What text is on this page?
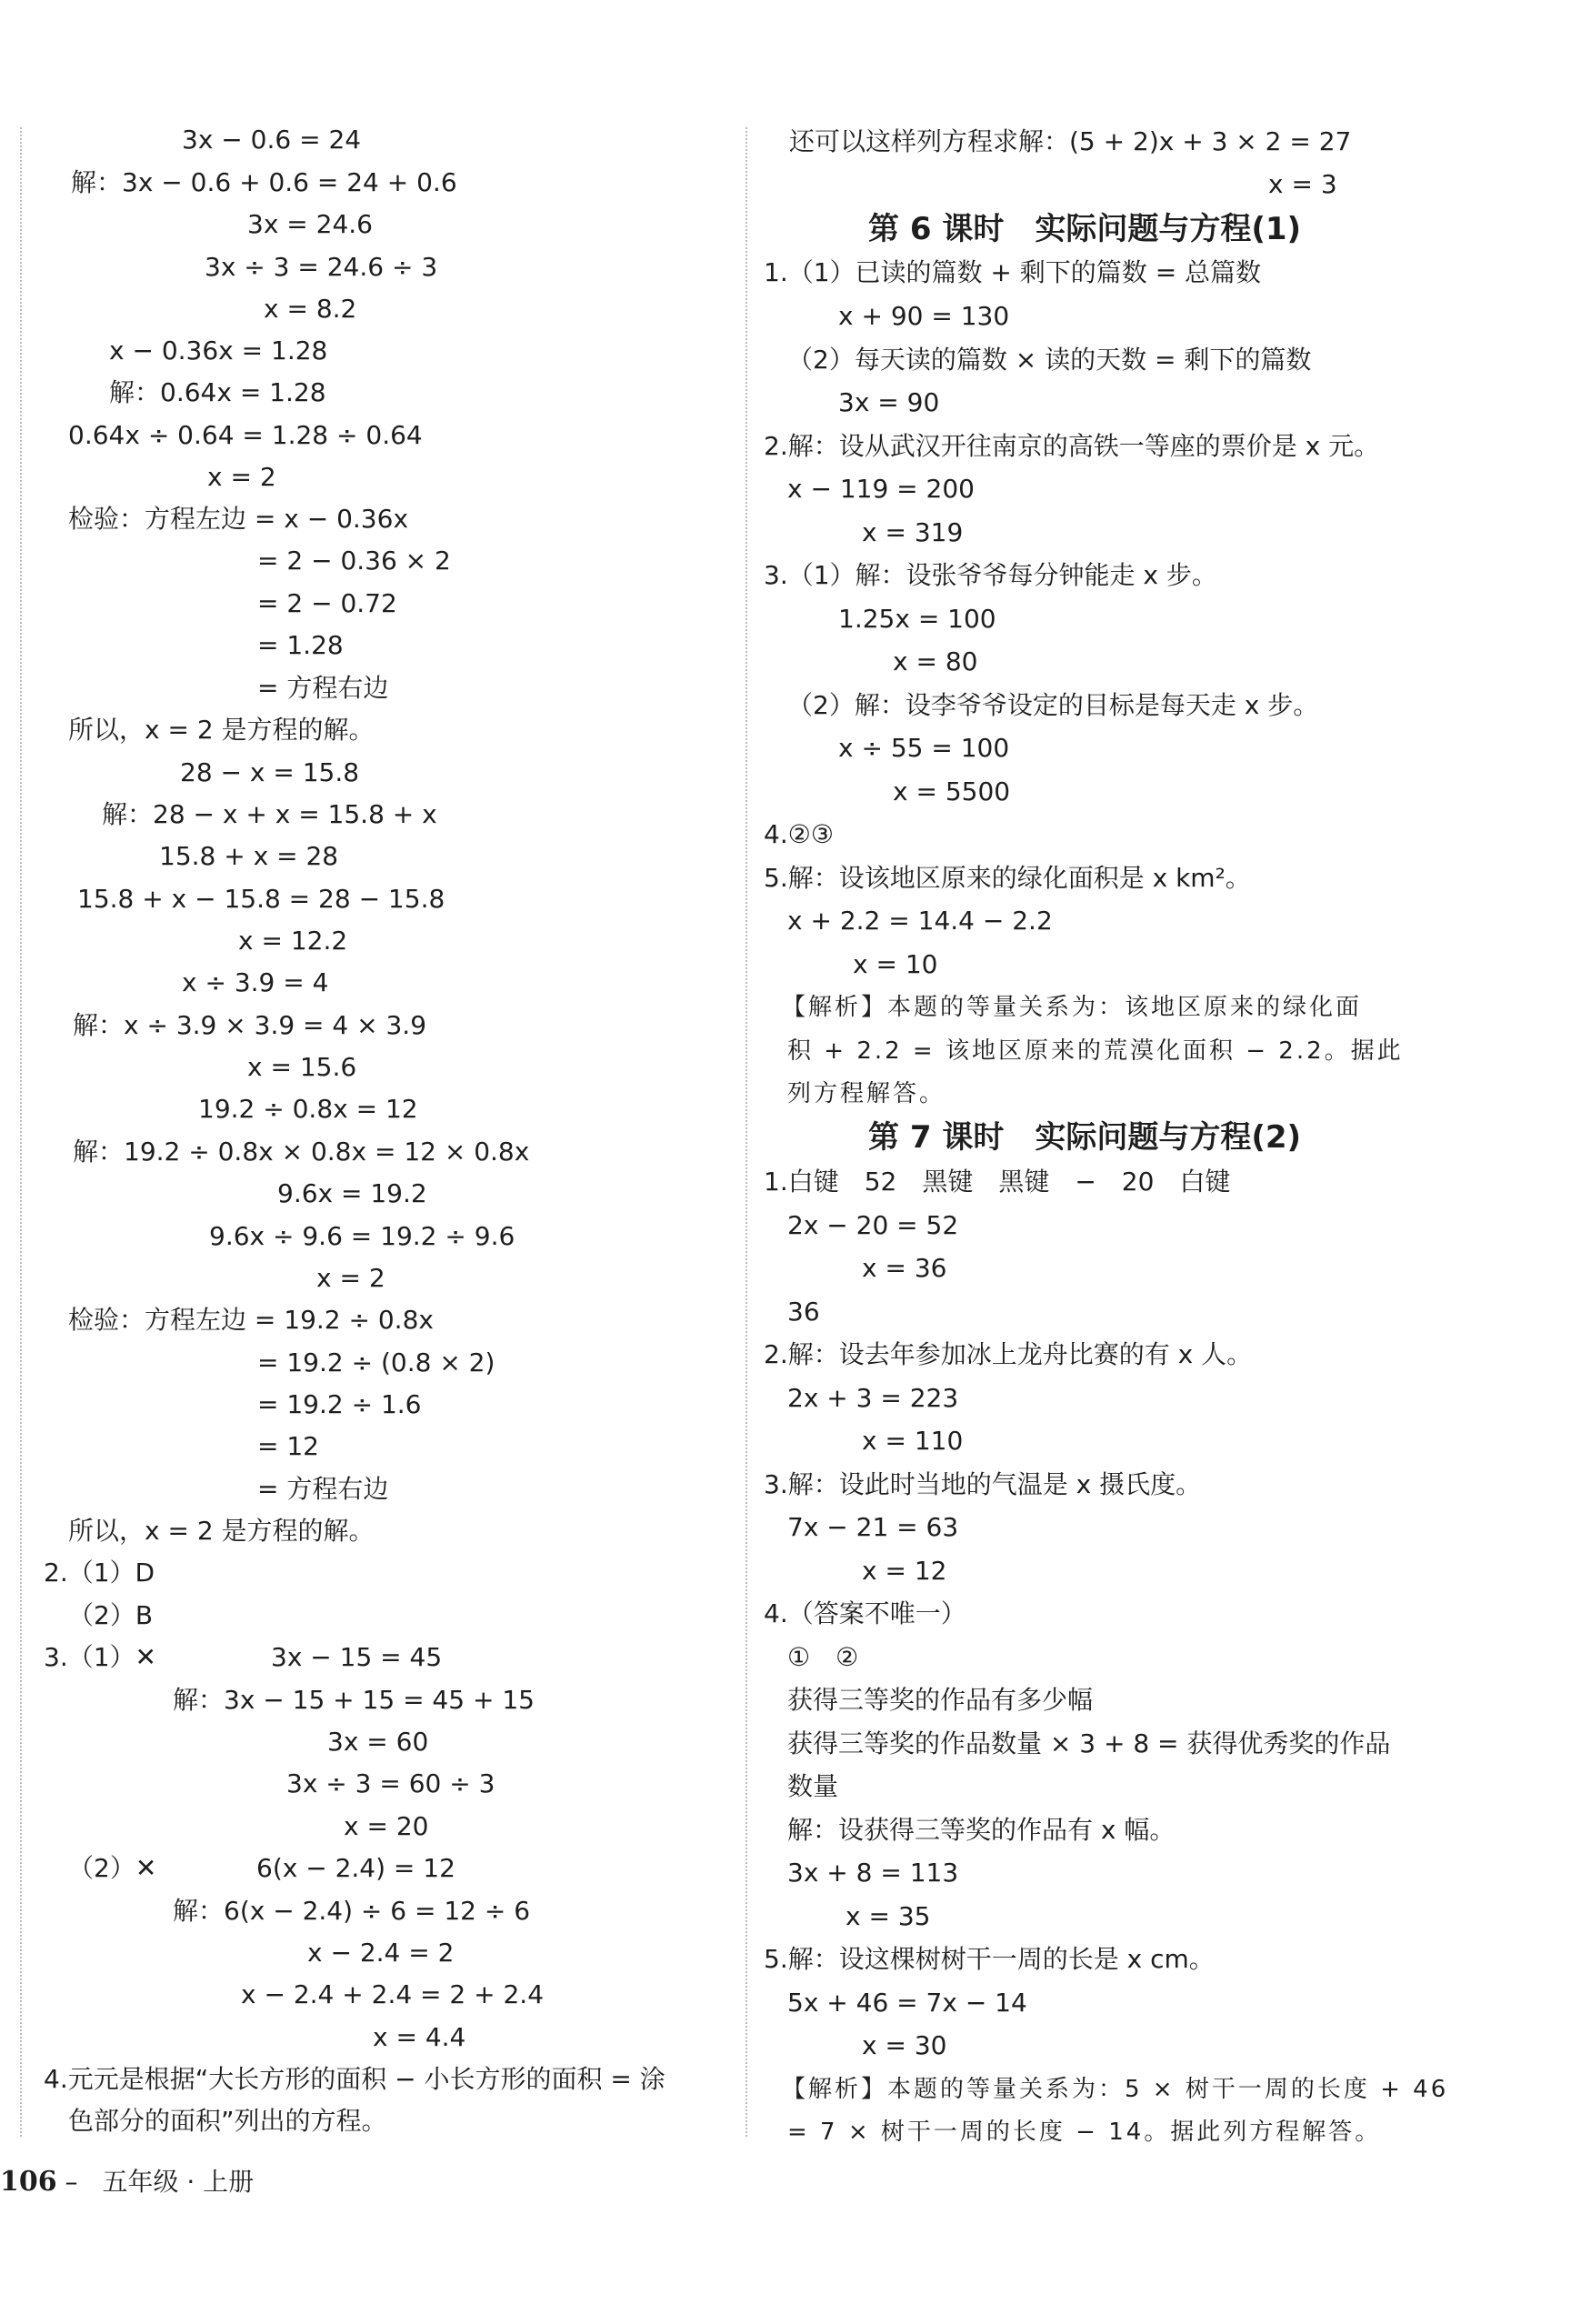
3x − 0.6 = 24
解：3x − 0.6 + 0.6 = 24 + 0.6
3x = 24.6
3x ÷ 3 = 24.6 ÷ 3
x = 8.2
x − 0.36x = 1.28
解：0.64x = 1.28
0.64x ÷ 0.64 = 1.28 ÷ 0.64
x = 2
检验：方程左边 = x − 0.36x
= 2 − 0.36 × 2
= 2 − 0.72
= 1.28
= 方程右边
所以，x = 2 是方程的解。
28 − x = 15.8
解：28 − x + x = 15.8 + x
15.8 + x = 28
15.8 + x − 15.8 = 28 − 15.8
x = 12.2
x ÷ 3.9 = 4
解：x ÷ 3.9 × 3.9 = 4 × 3.9
x = 15.6
19.2 ÷ 0.8x = 12
解：19.2 ÷ 0.8x × 0.8x = 12 × 0.8x
9.6x = 19.2
9.6x ÷ 9.6 = 19.2 ÷ 9.6
x = 2
检验：方程左边 = 19.2 ÷ 0.8x
= 19.2 ÷ (0.8 × 2)
= 19.2 ÷ 1.6
= 12
= 方程右边
所以，x = 2 是方程的解。
2.（1）D
（2）B
3.（1）✕	3x − 15 = 45
解：3x − 15 + 15 = 45 + 15
3x = 60
3x ÷ 3 = 60 ÷ 3
x = 20
（2）✕	6(x − 2.4) = 12
解：6(x − 2.4) ÷ 6 = 12 ÷ 6
x − 2.4 = 2
x − 2.4 + 2.4 = 2 + 2.4
x = 4.4
4.元元是根据“大长方形的面积 − 小长方形的面积 = 涂
色部分的面积”列出的方程。
还可以这样列方程求解：(5 + 2)x + 3 × 2 = 27
x = 3
第 6 课时　实际问题与方程(1)
1.（1）已读的篇数 + 剩下的篇数 = 总篇数
x + 90 = 130
（2）每天读的篇数 × 读的天数 = 剩下的篇数
3x = 90
2.解：设从武汉开往南京的高铁一等座的票价是 x 元。
x − 119 = 200
x = 319
3.（1）解：设张爷爷每分钟能走 x 步。
1.25x = 100
x = 80
（2）解：设李爷爷设定的目标是每天走 x 步。
x ÷ 55 = 100
x = 5500
4.②③
5.解：设该地区原来的绿化面积是 x km²。
x + 2.2 = 14.4 − 2.2
x = 10
【解析】本题的等量关系为：该地区原来的绿化面
积 + 2.2 = 该地区原来的荒漠化面积 − 2.2。据此
列方程解答。
第 7 课时　实际问题与方程(2)
1.白键　52　黑键　黑键　−　20　白键
2x − 20 = 52
x = 36
36
2.解：设去年参加冰上龙舟比赛的有 x 人。
2x + 3 = 223
x = 110
3.解：设此时当地的气温是 x 摄氏度。
7x − 21 = 63
x = 12
4.（答案不唯一）
①　②
获得三等奖的作品有多少幅
获得三等奖的作品数量 × 3 + 8 = 获得优秀奖的作品
数量
解：设获得三等奖的作品有 x 幅。
3x + 8 = 113
x = 35
5.解：设这棵树树干一周的长是 x cm。
5x + 46 = 7x − 14
x = 30
【解析】本题的等量关系为：5 × 树干一周的长度 + 46
= 7 × 树干一周的长度 − 14。据此列方程解答。
106 – 五年级 · 上册
